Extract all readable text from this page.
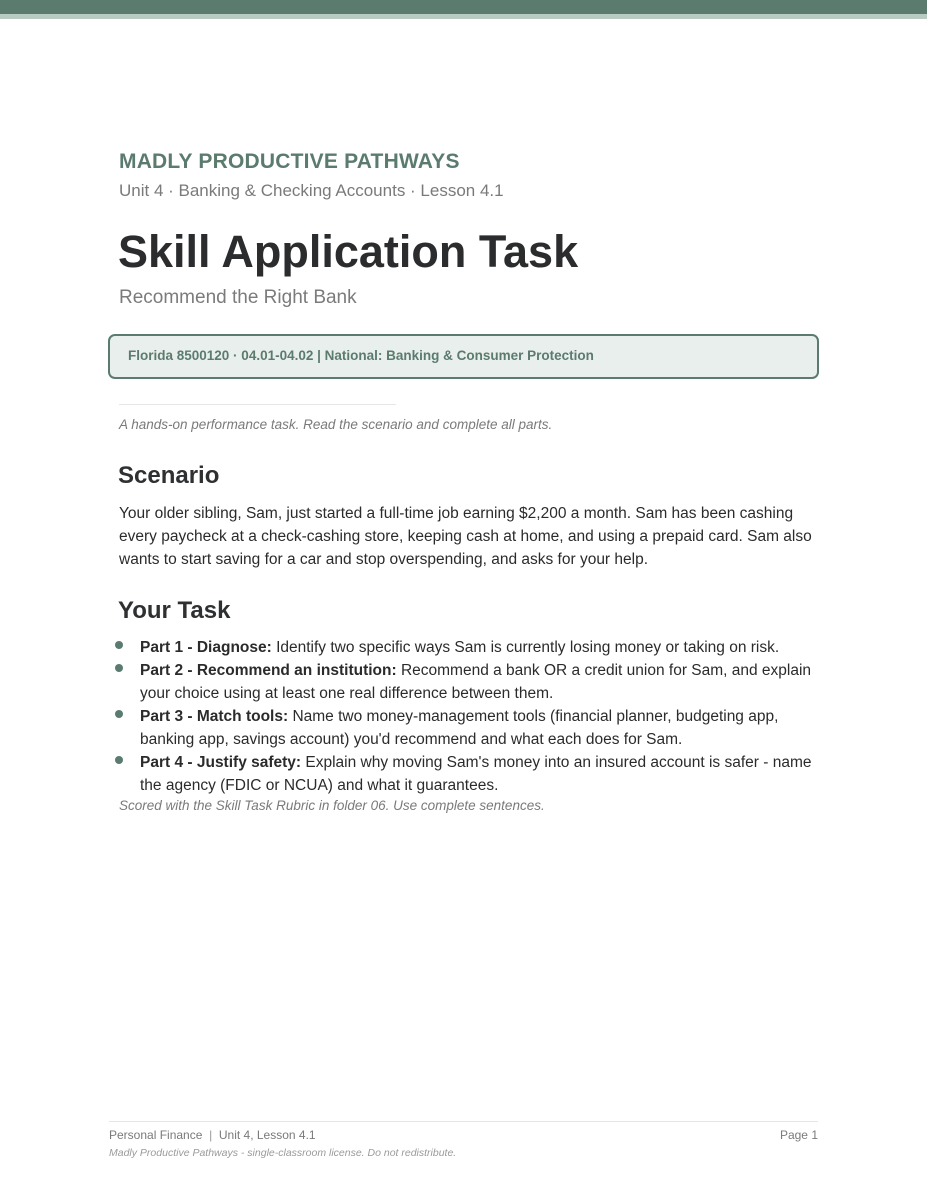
MADLY PRODUCTIVE PATHWAYS
Unit 4 · Banking & Checking Accounts · Lesson 4.1
Skill Application Task
Recommend the Right Bank
Florida 8500120 · 04.01-04.02 | National: Banking & Consumer Protection
A hands-on performance task. Read the scenario and complete all parts.
Scenario

Your older sibling, Sam, just started a full-time job earning $2,200 a month. Sam has been cashing every paycheck at a check-cashing store, keeping cash at home, and using a prepaid card. Sam also wants to start saving for a car and stop overspending, and asks for your help.

Your Task
Part 1 - Diagnose: Identify two specific ways Sam is currently losing money or taking on risk.
Part 2 - Recommend an institution: Recommend a bank OR a credit union for Sam, and explain your choice using at least one real difference between them.
Part 3 - Match tools: Name two money-management tools (financial planner, budgeting app, banking app, savings account) you'd recommend and what each does for Sam.
Part 4 - Justify safety: Explain why moving Sam's money into an insured account is safer - name the agency (FDIC or NCUA) and what it guarantees.
Scored with the Skill Task Rubric in folder 06. Use complete sentences.
Personal Finance | Unit 4, Lesson 4.1	Page 1
Madly Productive Pathways - single-classroom license. Do not redistribute.
